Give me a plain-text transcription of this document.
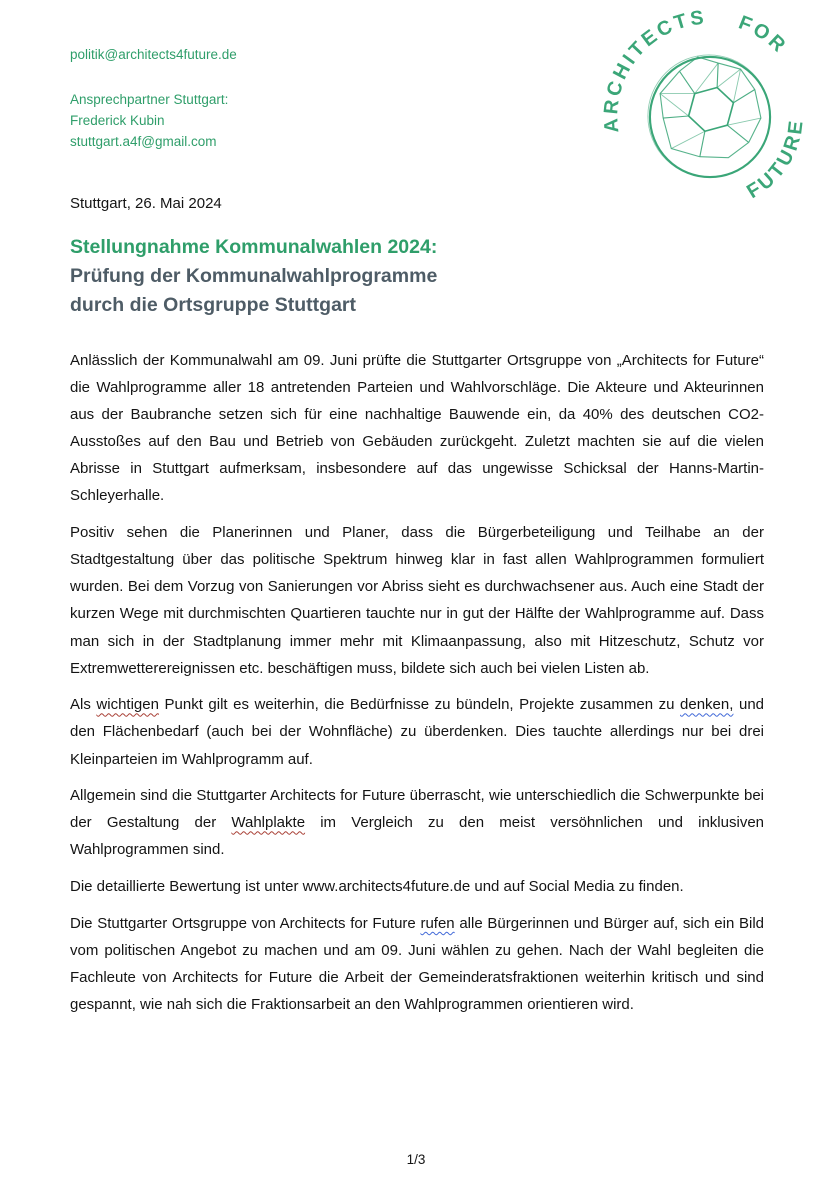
politik@architects4future.de
Ansprechpartner Stuttgart:
Frederick Kubin
stuttgart.a4f@gmail.com
ARCHITECTS FOR
FUTURE
Stuttgart, 26. Mai 2024
Stellungnahme Kommunalwahlen 2024:
Prüfung der Kommunalwahlprogramme
durch die Ortsgruppe Stuttgart

Anlässlich der Kommunalwahl am 09. Juni prüfte die Stuttgarter Ortsgruppe von „Architects for Future“ die Wahlprogramme aller 18 antretenden Parteien und Wahlvorschläge. Die Akteure und Akteurinnen aus der Baubranche setzen sich für eine nachhaltige Bauwende ein, da 40% des deutschen CO2-Ausstoßes auf den Bau und Betrieb von Gebäuden zurückgeht. Zuletzt machten sie auf die vielen Abrisse in Stuttgart aufmerksam, insbesondere auf das ungewisse Schicksal der Hanns-Martin-Schleyerhalle.

Positiv sehen die Planerinnen und Planer, dass die Bürgerbeteiligung und Teilhabe an der Stadtgestaltung über das politische Spektrum hinweg klar in fast allen Wahlprogrammen formuliert wurden. Bei dem Vorzug von Sanierungen vor Abriss sieht es durchwachsener aus. Auch eine Stadt der kurzen Wege mit durchmischten Quartieren tauchte nur in gut der Hälfte der Wahlprogramme auf. Dass man sich in der Stadtplanung immer mehr mit Klimaanpassung, also mit Hitzeschutz, Schutz vor Extremwetterereignissen etc. beschäftigen muss, bildete sich auch bei vielen Listen ab.

Als wichtigen Punkt gilt es weiterhin, die Bedürfnisse zu bündeln, Projekte zusammen zu denken, und den Flächenbedarf (auch bei der Wohnfläche) zu überdenken. Dies tauchte allerdings nur bei drei Kleinparteien im Wahlprogramm auf.

Allgemein sind die Stuttgarter Architects for Future überrascht, wie unterschiedlich die Schwerpunkte bei der Gestaltung der Wahlplakte im Vergleich zu den meist versöhnlichen und inklusiven Wahlprogrammen sind.

Die detaillierte Bewertung ist unter www.architects4future.de und auf Social Media zu finden.

Die Stuttgarter Ortsgruppe von Architects for Future rufen alle Bürgerinnen und Bürger auf, sich ein Bild vom politischen Angebot zu machen und am 09. Juni wählen zu gehen. Nach der Wahl begleiten die Fachleute von Architects for Future die Arbeit der Gemeinderatsfraktionen weiterhin kritisch und sind gespannt, wie nah sich die Fraktionsarbeit an den Wahlprogrammen orientieren wird.

1/3
